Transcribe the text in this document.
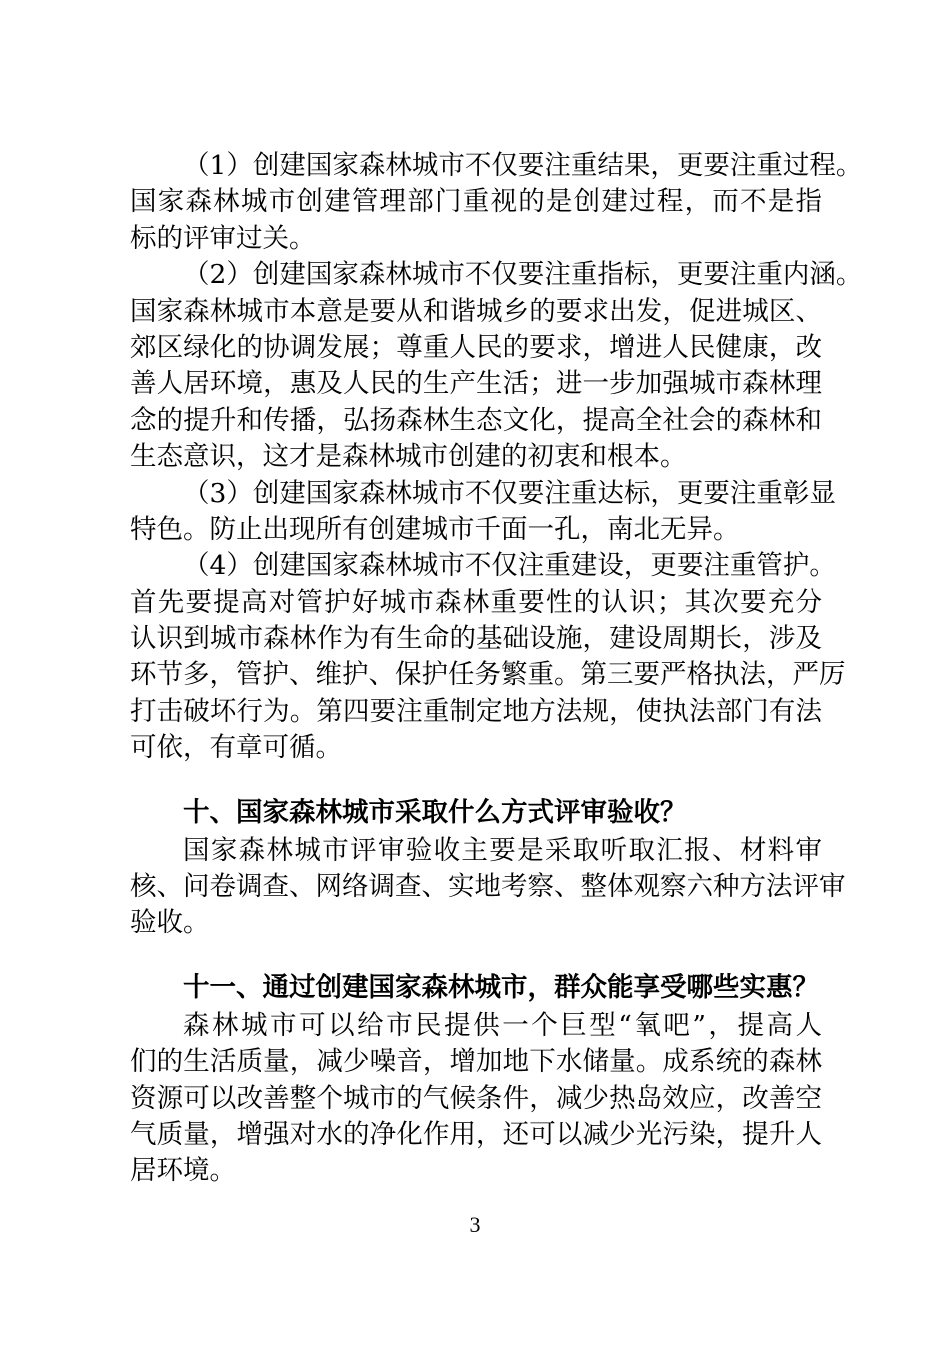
（1）创建国家森林城市不仅要注重结果，更要注重过程。
国家森林城市创建管理部门重视的是创建过程，而不是指
标的评审过关。
（2）创建国家森林城市不仅要注重指标，更要注重内涵。
国家森林城市本意是要从和谐城乡的要求出发，促进城区、
郊区绿化的协调发展；尊重人民的要求，增进人民健康，改
善人居环境，惠及人民的生产生活；进一步加强城市森林理
念的提升和传播，弘扬森林生态文化，提高全社会的森林和
生态意识，这才是森林城市创建的初衷和根本。
（3）创建国家森林城市不仅要注重达标，更要注重彰显
特色。防止出现所有创建城市千面一孔，南北无异。
（4）创建国家森林城市不仅注重建设，更要注重管护。
首先要提高对管护好城市森林重要性的认识；其次要充分
认识到城市森林作为有生命的基础设施，建设周期长，涉及
环节多，管护、维护、保护任务繁重。第三要严格执法，严厉
打击破坏行为。第四要注重制定地方法规，使执法部门有法
可依，有章可循。
十、国家森林城市采取什么方式评审验收？
国家森林城市评审验收主要是采取听取汇报、材料审
核、问卷调查、网络调查、实地考察、整体观察六种方法评审
验收。
十一、通过创建国家森林城市，群众能享受哪些实惠？
森林城市可以给市民提供一个巨型“氧吧”，提高人
们的生活质量，减少噪音，增加地下水储量。成系统的森林
资源可以改善整个城市的气候条件，减少热岛效应，改善空
气质量，增强对水的净化作用，还可以减少光污染，提升人
居环境。
3
